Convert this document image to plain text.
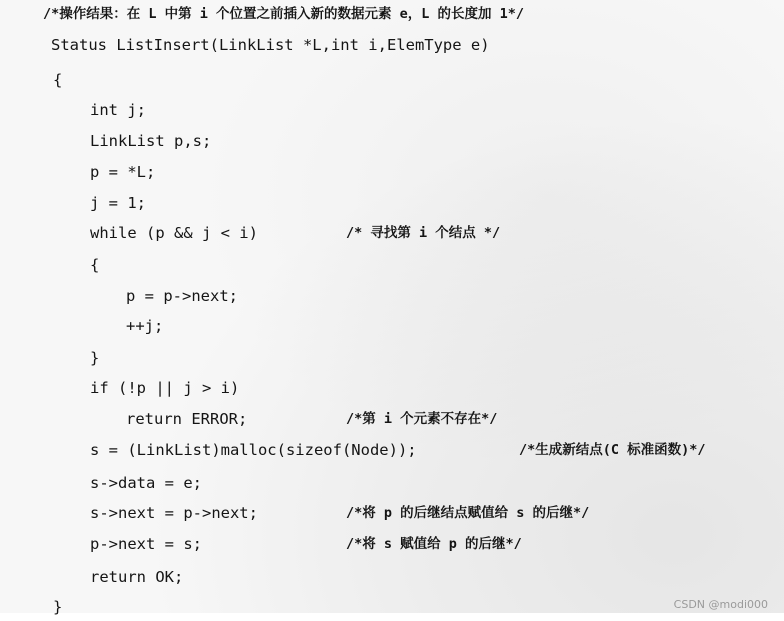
/*操作结果：在 L 中第 i 个位置之前插入新的数据元素 e，L 的长度加 1*/
Status ListInsert(LinkList *L,int i,ElemType e)
{
int j;
LinkList p,s;
p = *L;
j = 1;
while (p && j < i)	/* 寻找第 i 个结点 */
{
p = p->next;
++j;
}
if (!p || j > i)
return ERROR;	/*第 i 个元素不存在*/
s = (LinkList)malloc(sizeof(Node));	/*生成新结点(C 标准函数)*/
s->data = e;
s->next = p->next;	/*将 p 的后继结点赋值给 s 的后继*/
p->next = s;	/*将 s 赋值给 p 的后继*/
return OK;
}	CSDN @modi000
